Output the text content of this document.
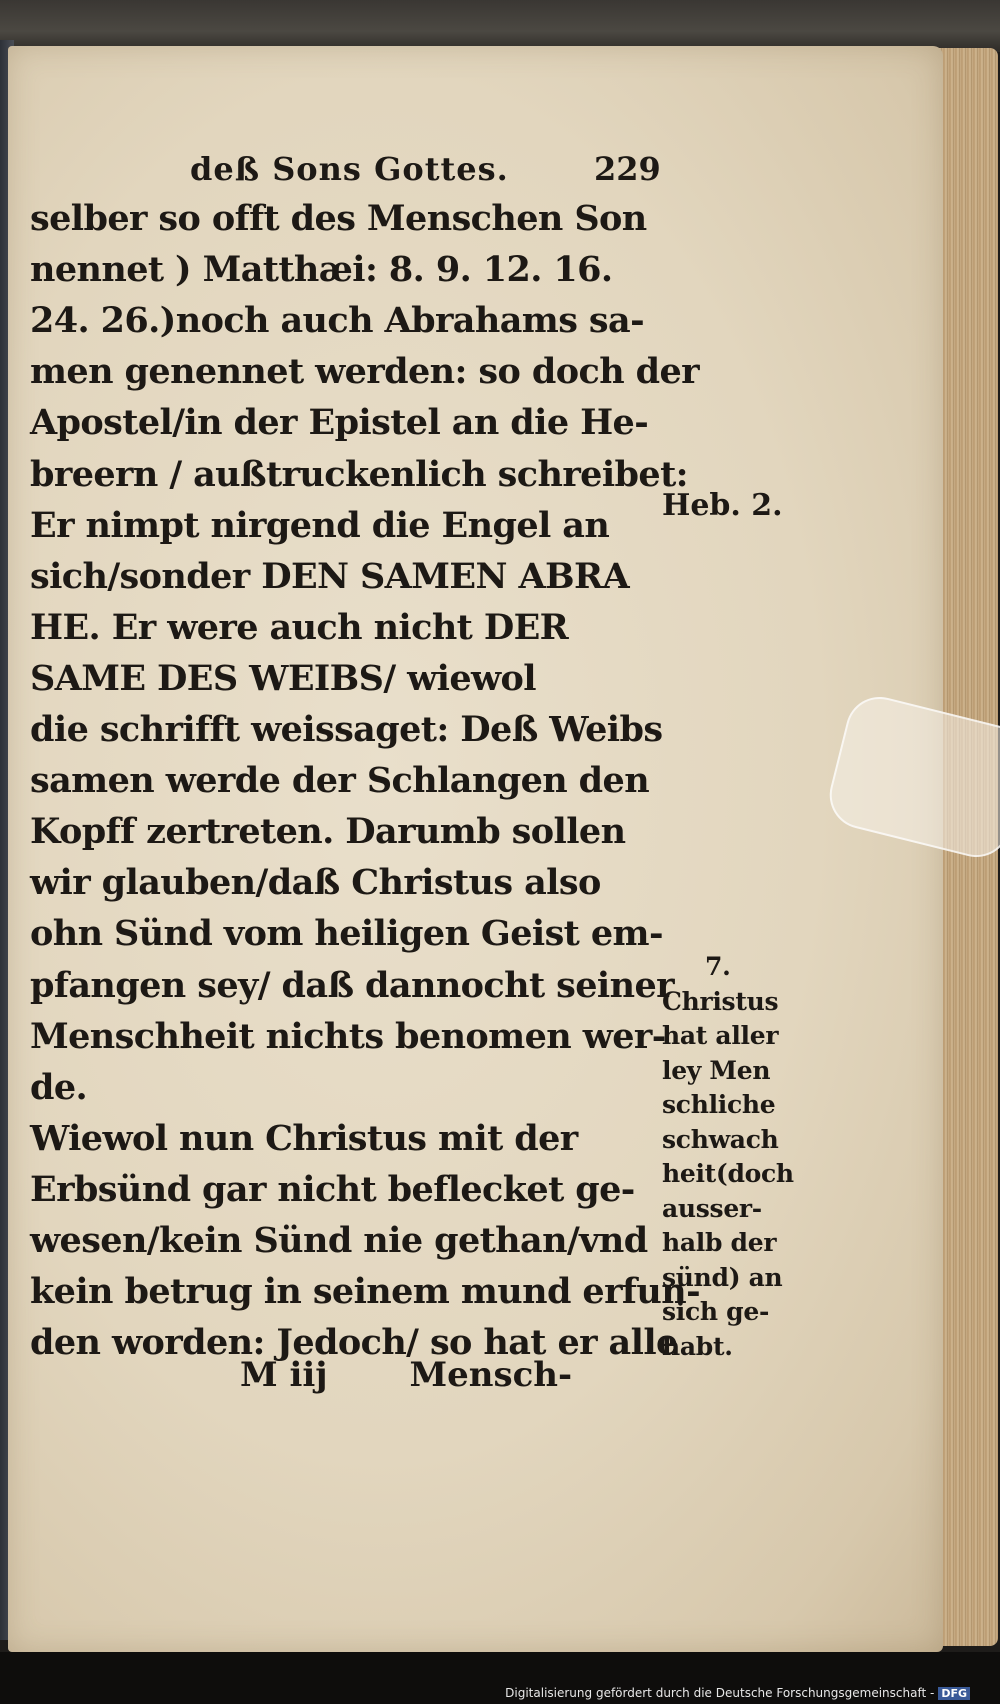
deß Sons Gottes.	229
selber so offt des Menschen Son
nennet ) Matthæi: 8. 9. 12. 16.
24. 26.)noch auch Abrahams sa-
men genennet werden: so doch der
Apostel/in der Epistel an die He-
breern / außtruckenlich schreibet:
Er nimpt nirgend die Engel an
sich/sonder DEN SAMEN ABRA
HE. Er were auch nicht DER
SAME DES WEIBS/ wiewol
die schrifft weissaget: Deß Weibs
samen werde der Schlangen den
Kopff zertreten. Darumb sollen
wir glauben/daß Christus also
ohn Sünd vom heiligen Geist em-
pfangen sey/ daß dannocht seiner
Menschheit nichts benomen wer-
de.
Wiewol nun Christus mit der
Erbsünd gar nicht beflecket ge-
wesen/kein Sünd nie gethan/vnd
kein betrug in seinem mund erfun-
den worden: Jedoch/ so hat er alle
M iij Mensch-
Heb. 2.
7.
Christus
hat aller
ley Men
schliche
schwach
heit(doch
ausser-
halb der
sünd) an
sich ge-
habt.
Digitalisierung gefördert durch die Deutsche Forschungsgemeinschaft - DFG
